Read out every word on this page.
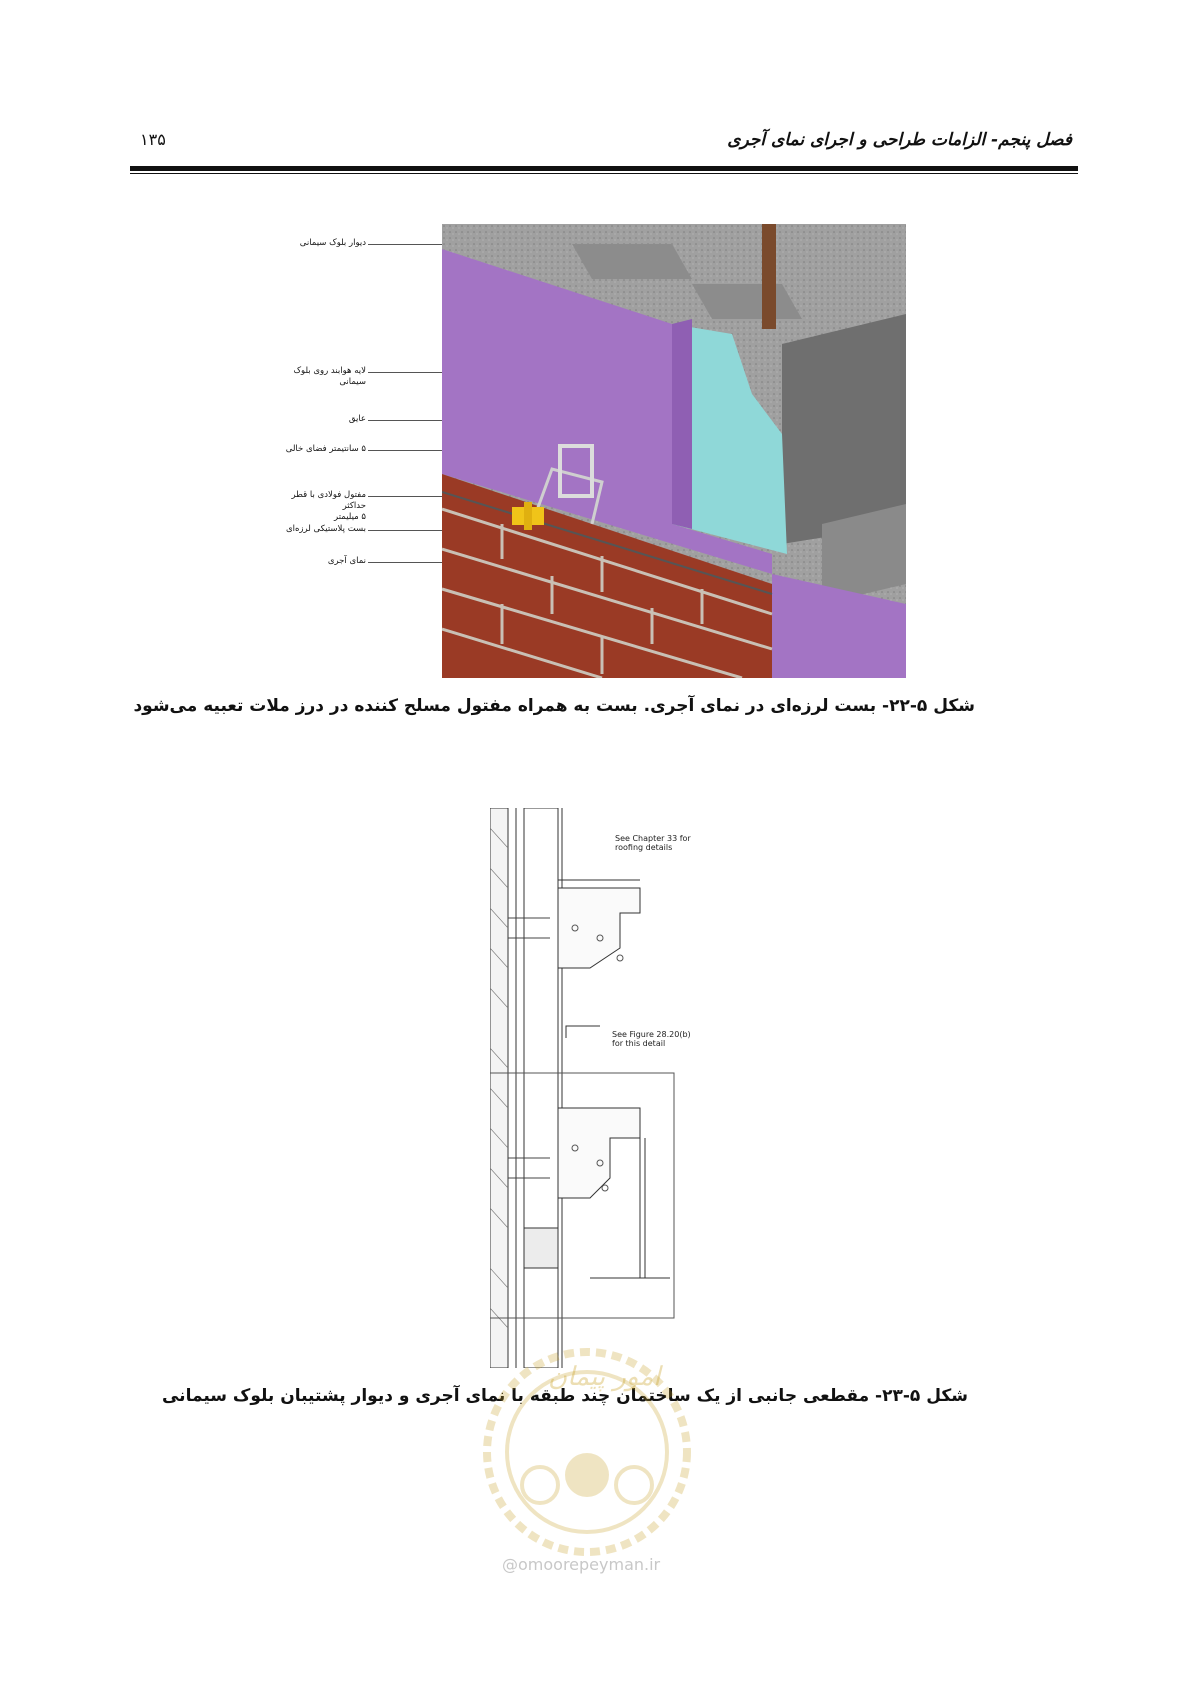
فصل پنجم- الزامات طراحی و اجرای نمای آجری
۱۳۵
دیوار بلوک سیمانی
لایه هوابند روی بلوک سیمانی
عایق
۵ سانتیمتر فضای خالی
مفتول فولادی با قطر حداکثر
۵ میلیمتر
بست پلاستیکی لرزه‌ای
نمای آجری
شکل ۵-۲۲- بست لرزه‌ای در نمای آجری. بست به همراه مفتول مسلح کننده در درز ملات تعبیه می‌شود
See Chapter 33 for
roofing details
See Figure 28.20(b)
for this detail
شکل ۵-۲۳- مقطعی جانبی از یک ساختمان چند طبقه با نمای آجری و دیوار پشتیبان بلوک سیمانی
امور پیمان
@omoorepeyman.ir
